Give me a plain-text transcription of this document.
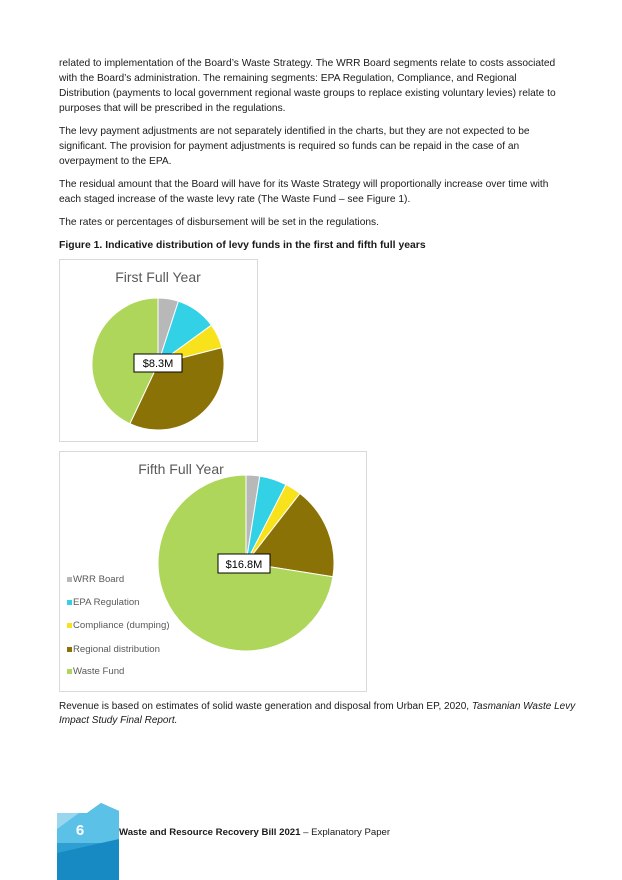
related to implementation of the Board’s Waste Strategy. The WRR Board segments relate to costs associated with the Board’s administration. The remaining segments: EPA Regulation, Compliance, and Regional Distribution (payments to local government regional waste groups to replace existing voluntary levies) relate to purposes that will be prescribed in the regulations.

The levy payment adjustments are not separately identified in the charts, but they are not expected to be significant. The provision for payment adjustments is required so funds can be repaid in the case of an overpayment to the EPA.

The residual amount that the Board will have for its Waste Strategy will proportionally increase over time with each staged increase of the waste levy rate (The Waste Fund – see Figure 1).

The rates or percentages of disbursement will be set in the regulations.

Figure 1. Indicative distribution of levy funds in the first and fifth full years

First Full Year
$8.3M
Fifth Full Year
$16.8M
WRR Board
EPA Regulation
Compliance (dumping)
Regional distribution
Waste Fund

Revenue is based on estimates of solid waste generation and disposal from Urban EP, 2020, Tasmanian Waste Levy Impact Study Final Report.

6	Waste and Resource Recovery Bill 2021 – Explanatory Paper
